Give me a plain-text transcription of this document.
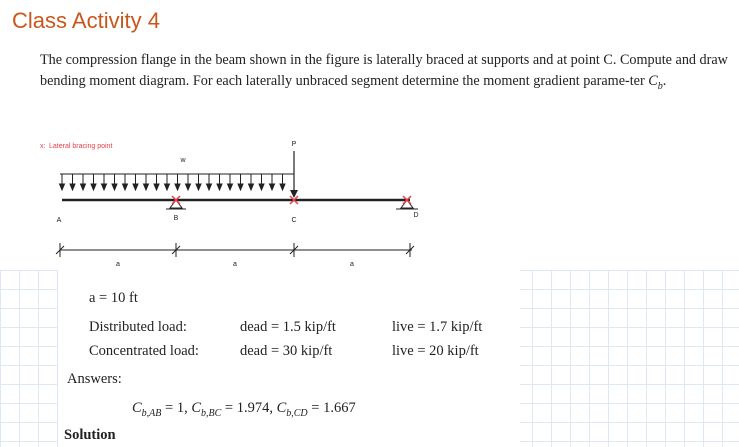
Class Activity 4

The compression flange in the beam shown in the figure is laterally braced at supports and at point C. Compute and draw bending moment diagram. For each laterally unbraced segment determine the moment gradient parame-ter $C_b$.

x: Lateral bracing point
w
P
A	B	C
D
a	a	a
a = 10 ft
Distributed load:	dead = 1.5 kip/ft	live = 1.7 kip/ft
Concentrated load:	dead = 30 kip/ft	live = 20 kip/ft
Answers:
$C_{b,AB} = 1$, $C_{b,BC} = 1.974$, $C_{b,CD} = 1.667$
Solution
